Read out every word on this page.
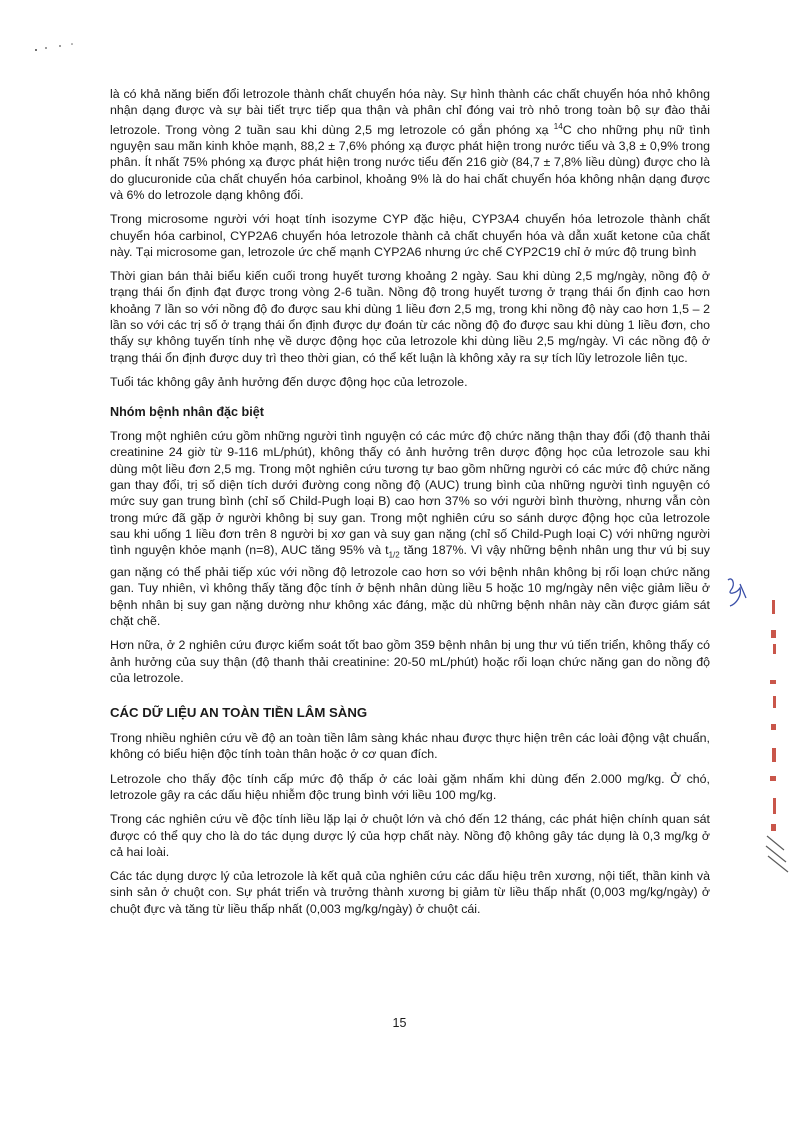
là có khả năng biến đổi letrozole thành chất chuyển hóa này. Sự hình thành các chất chuyển hóa nhỏ không nhận dạng được và sự bài tiết trực tiếp qua thận và phân chỉ đóng vai trò nhỏ trong toàn bộ sự đào thải letrozole. Trong vòng 2 tuần sau khi dùng 2,5 mg letrozole có gắn phóng xạ $^{14}$C cho những phụ nữ tình nguyện sau mãn kinh khỏe mạnh, 88,2 ± 7,6% phóng xạ được phát hiện trong nước tiểu và 3,8 ± 0,9% trong phân. Ít nhất 75% phóng xạ được phát hiện trong nước tiểu đến 216 giờ (84,7 ± 7,8% liều dùng) được cho là do glucuronide của chất chuyển hóa carbinol, khoảng 9% là do hai chất chuyển hóa không nhận dạng được và 6% do letrozole dạng không đổi.

Trong microsome người với hoạt tính isozyme CYP đặc hiệu, CYP3A4 chuyển hóa letrozole thành chất chuyển hóa carbinol, CYP2A6 chuyển hóa letrozole thành cả chất chuyển hóa và dẫn xuất ketone của chất này. Tại microsome gan, letrozole ức chế mạnh CYP2A6 nhưng ức chế CYP2C19 chỉ ở mức độ trung bình

Thời gian bán thải biểu kiến cuối trong huyết tương khoảng 2 ngày. Sau khi dùng 2,5 mg/ngày, nồng độ ở trạng thái ổn định đạt được trong vòng 2-6 tuần. Nồng độ trong huyết tương ở trạng thái ổn định cao hơn khoảng 7 lần so với nồng độ đo được sau khi dùng 1 liều đơn 2,5 mg, trong khi nồng độ này cao hơn 1,5 – 2 lần so với các trị số ở trạng thái ổn định được dự đoán từ các nồng độ đo được sau khi dùng 1 liều đơn, cho thấy sự không tuyến tính nhẹ về dược động học của letrozole khi dùng liều 2,5 mg/ngày. Vì các nồng độ ở trạng thái ổn định được duy trì theo thời gian, có thể kết luận là không xảy ra sự tích lũy letrozole liên tục.

Tuổi tác không gây ảnh hưởng đến dược động học của letrozole.

Nhóm bệnh nhân đặc biệt

Trong một nghiên cứu gồm những người tình nguyện có các mức độ chức năng thận thay đổi (độ thanh thải creatinine 24 giờ từ 9-116 mL/phút), không thấy có ảnh hưởng trên dược động học của letrozole sau khi dùng một liều đơn 2,5 mg. Trong một nghiên cứu tương tự bao gồm những người có các mức độ chức năng gan thay đổi, trị số diện tích dưới đường cong nồng độ (AUC) trung bình của những người tình nguyện có mức suy gan trung bình (chỉ số Child-Pugh loại B) cao hơn 37% so với người bình thường, nhưng vẫn còn trong mức đã gặp ở người không bị suy gan. Trong một nghiên cứu so sánh dược động học của letrozole sau khi uống 1 liều đơn trên 8 người bị xơ gan và suy gan nặng (chỉ số Child-Pugh loại C) với những người tình nguyện khỏe mạnh (n=8), AUC tăng 95% và $t_{1/2}$ tăng 187%. Vì vậy những bệnh nhân ung thư vú bị suy gan nặng có thể phải tiếp xúc với nồng độ letrozole cao hơn so với bệnh nhân không bị rối loạn chức năng gan. Tuy nhiên, vì không thấy tăng độc tính ở bệnh nhân dùng liều 5 hoặc 10 mg/ngày nên việc giảm liều ở bệnh nhân bị suy gan nặng dường như không xác đáng, mặc dù những bệnh nhân này cần được giám sát chặt chẽ.

Hơn nữa, ở 2 nghiên cứu được kiểm soát tốt bao gồm 359 bệnh nhân bị ung thư vú tiến triển, không thấy có ảnh hưởng của suy thận (độ thanh thải creatinine: 20-50 mL/phút) hoặc rối loạn chức năng gan do nồng độ của letrozole.

CÁC DỮ LIỆU AN TOÀN TIỀN LÂM SÀNG

Trong nhiều nghiên cứu về độ an toàn tiền lâm sàng khác nhau được thực hiện trên các loài động vật chuẩn, không có biểu hiện độc tính toàn thân hoặc ở cơ quan đích.

Letrozole cho thấy độc tính cấp mức độ thấp ở các loài gặm nhấm khi dùng đến 2.000 mg/kg. Ở chó, letrozole gây ra các dấu hiệu nhiễm độc trung bình với liều 100 mg/kg.

Trong các nghiên cứu về độc tính liều lặp lại ở chuột lớn và chó đến 12 tháng, các phát hiện chính quan sát được có thể quy cho là do tác dụng dược lý của hợp chất này. Nồng độ không gây tác dụng là 0,3 mg/kg ở cả hai loài.

Các tác dụng dược lý của letrozole là kết quả của nghiên cứu các dấu hiệu trên xương, nội tiết, thần kinh và sinh sản ở chuột con. Sự phát triển và trưởng thành xương bị giảm từ liều thấp nhất (0,003 mg/kg/ngày) ở chuột đực và tăng từ liều thấp nhất (0,003 mg/kg/ngày) ở chuột cái.

15
